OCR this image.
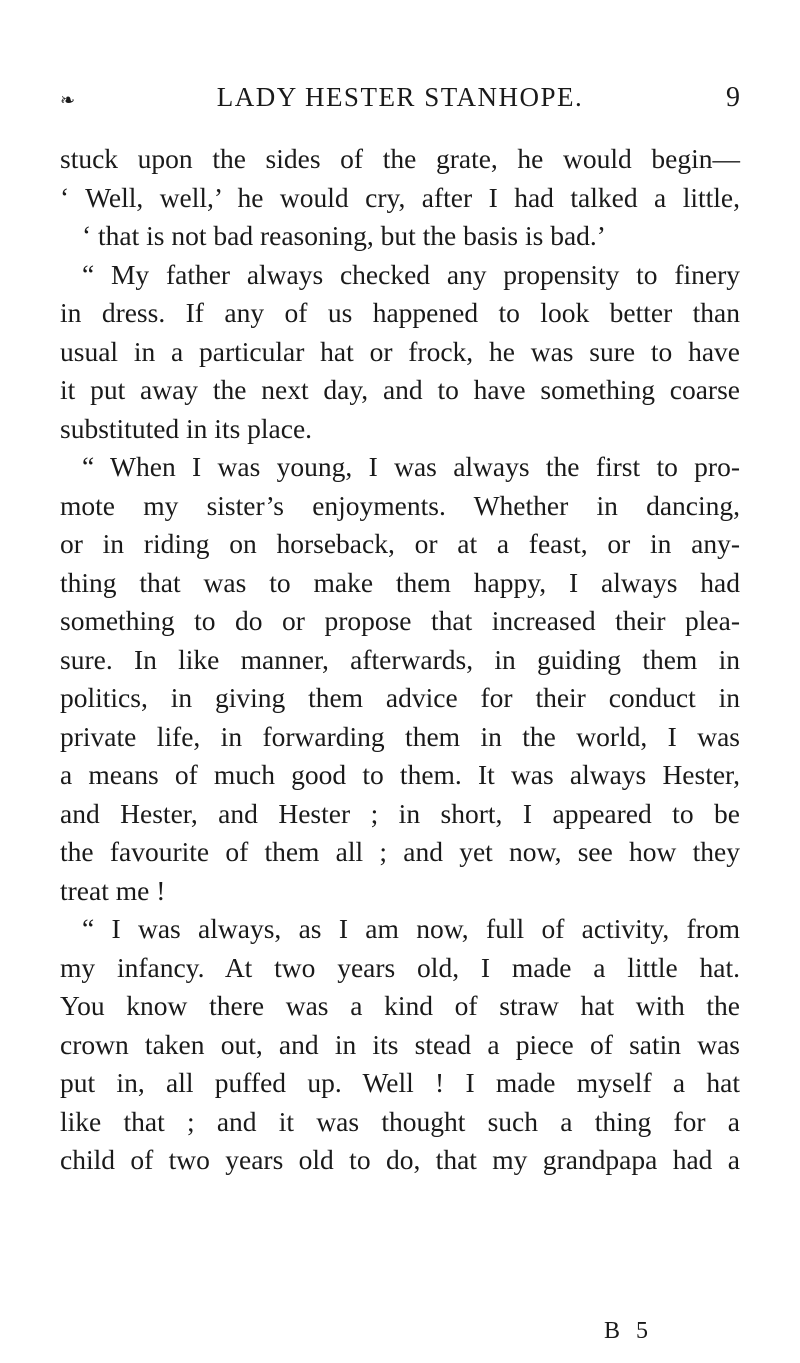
❧	LADY HESTER STANHOPE.	9
stuck upon the sides of the grate, he would begin—
‘ Well, well,’ he would cry, after I had talked a little,
‘ that is not bad reasoning, but the basis is bad.’
“ My father always checked any propensity to finery
in dress. If any of us happened to look better than
usual in a particular hat or frock, he was sure to have
it put away the next day, and to have something coarse
substituted in its place.
“ When I was young, I was always the first to pro-
mote my sister’s enjoyments. Whether in dancing,
or in riding on horseback, or at a feast, or in any-
thing that was to make them happy, I always had
something to do or propose that increased their plea-
sure. In like manner, afterwards, in guiding them in
politics, in giving them advice for their conduct in
private life, in forwarding them in the world, I was
a means of much good to them. It was always Hester,
and Hester, and Hester ; in short, I appeared to be
the favourite of them all ; and yet now, see how they
treat me !
“ I was always, as I am now, full of activity, from
my infancy. At two years old, I made a little hat.
You know there was a kind of straw hat with the
crown taken out, and in its stead a piece of satin was
put in, all puffed up. Well ! I made myself a hat
like that ; and it was thought such a thing for a
child of two years old to do, that my grandpapa had a
B 5
